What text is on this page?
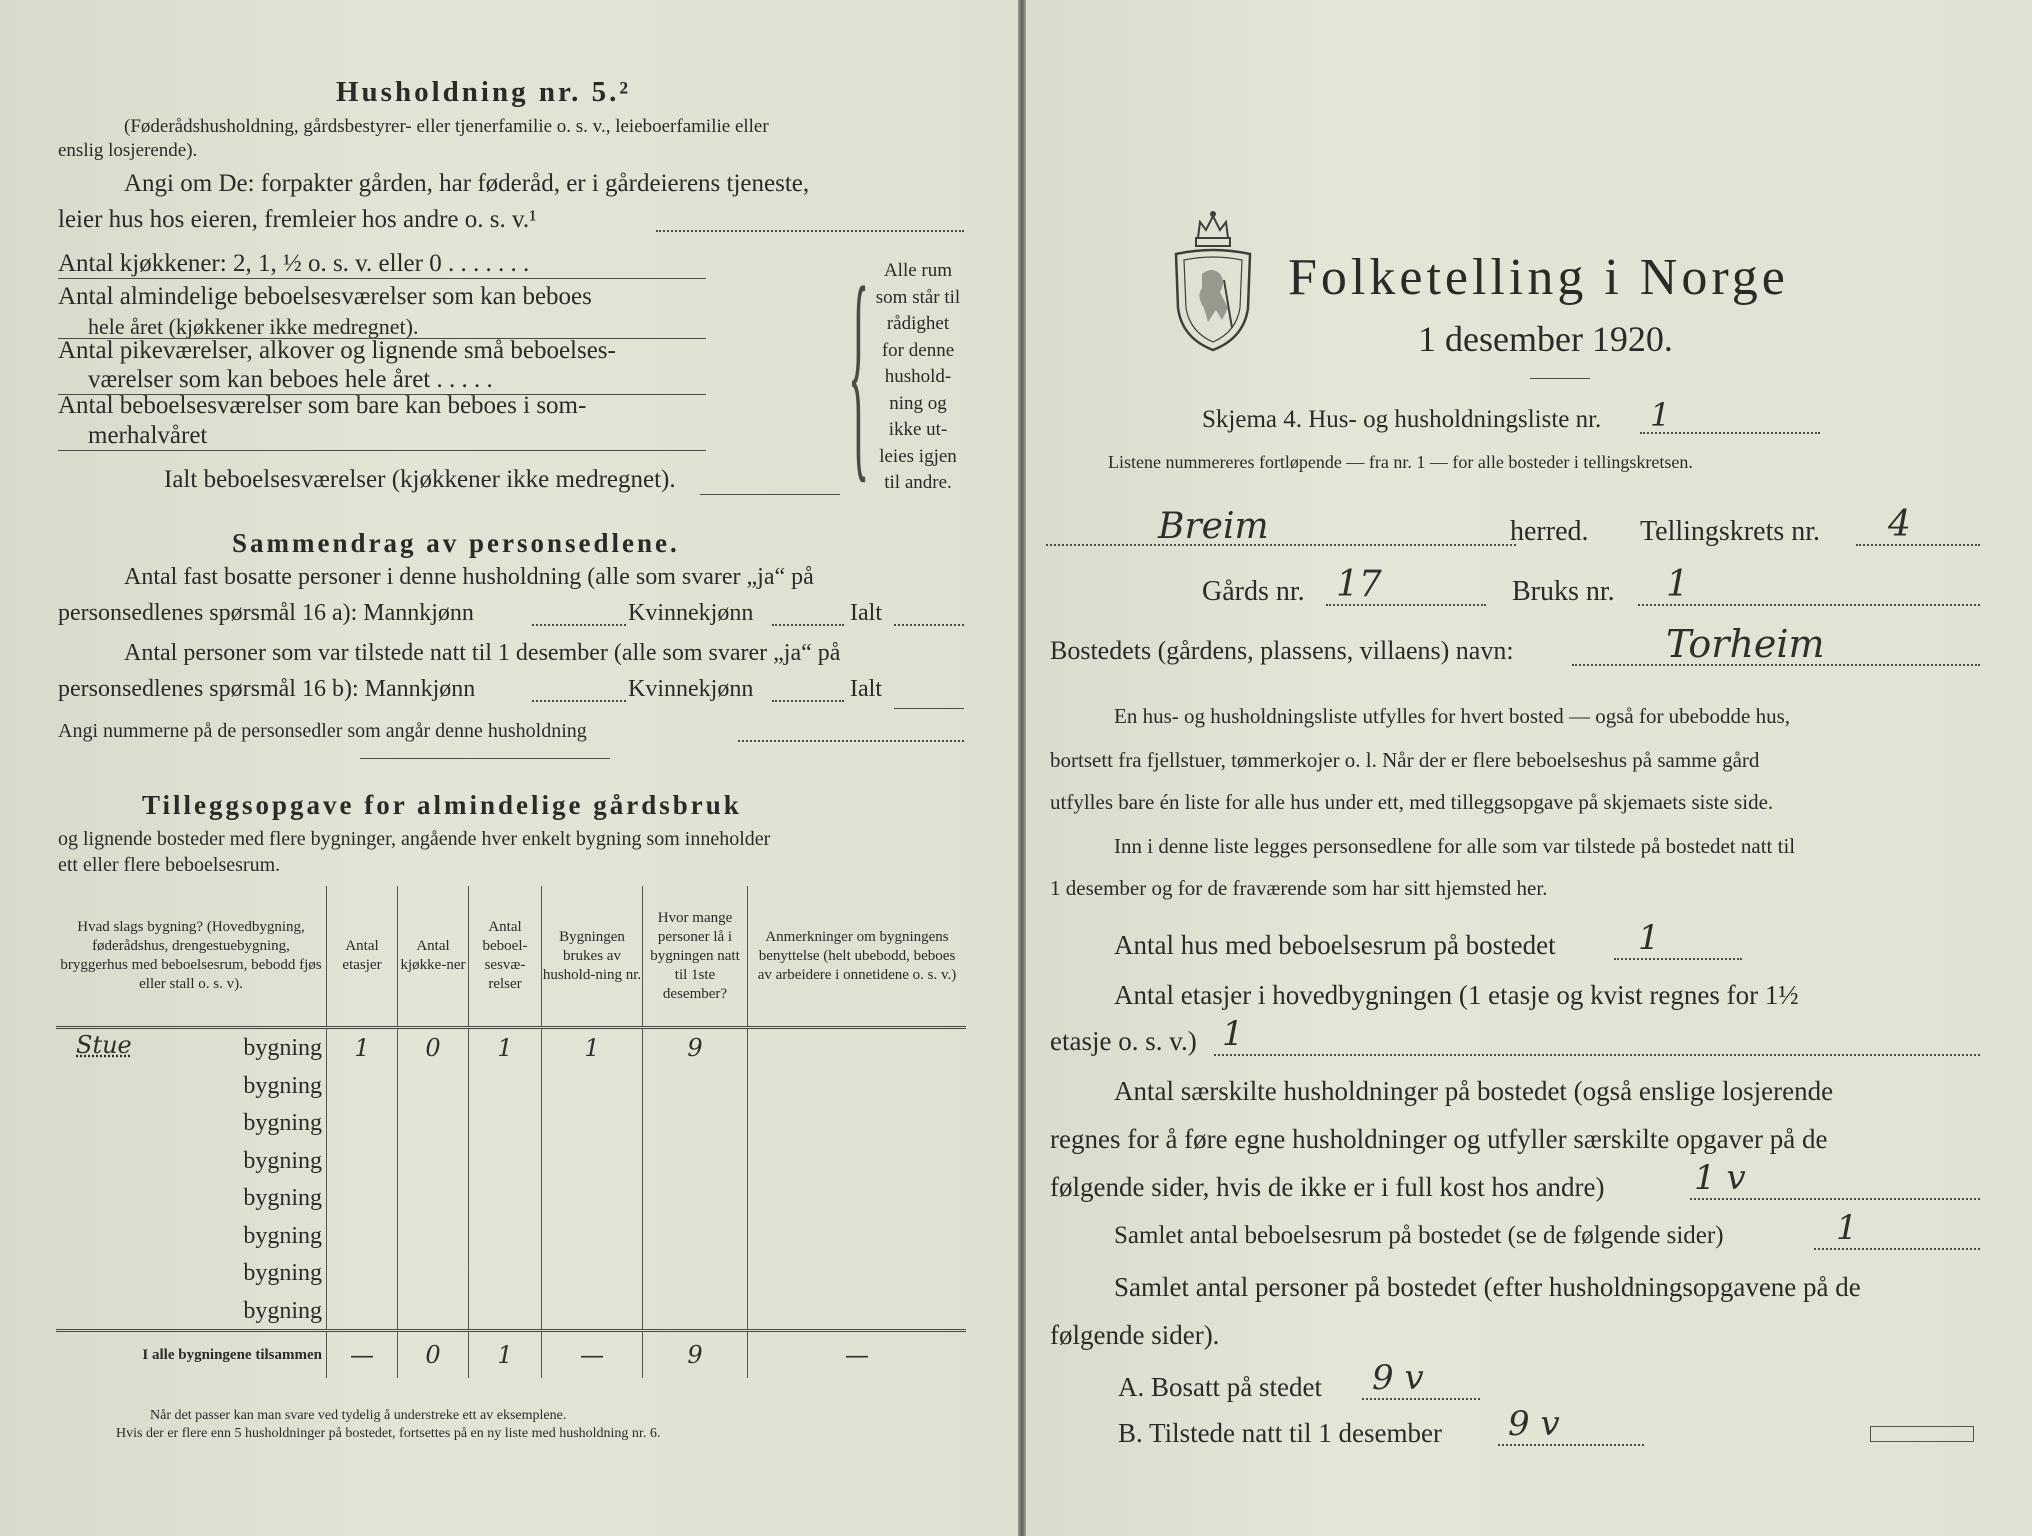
Husholdning nr. 5.²
(Føderådshusholdning, gårdsbestyrer- eller tjenerfamilie o. s. v., leieboerfamilie eller
enslig losjerende).
Angi om De: forpakter gården, har føderåd, er i gårdeierens tjeneste,
leier hus hos eieren, fremleier hos andre o. s. v.¹
Antal kjøkkener: 2, 1, ½ o. s. v. eller 0 . . . . . . .
Antal almindelige beboelsesværelser som kan beboes
hele året (kjøkkener ikke medregnet).
Antal pikeværelser, alkover og lignende små beboelses-
værelser som kan beboes hele året . . . . .
Antal beboelsesværelser som bare kan beboes i som-
merhalvåret
Ialt beboelsesværelser (kjøkkener ikke medregnet).	{ Alle rum
som står til
rådighet
for denne
hushold-
ning og
ikke ut-
leies igjen
til andre.
Sammendrag av personsedlene.
Antal fast bosatte personer i denne husholdning (alle som svarer „ja“ på
personsedlenes spørsmål 16 a): Mannkjønn	Kvinnekjønn	Ialt
Antal personer som var tilstede natt til 1 desember (alle som svarer „ja“ på
personsedlenes spørsmål 16 b): Mannkjønn	Kvinnekjønn	Ialt
Angi nummerne på de personsedler som angår denne husholdning
Tilleggsopgave for almindelige gårdsbruk
og lignende bosteder med flere bygninger, angående hver enkelt bygning som inneholder
ett eller flere beboelsesrum.
Hvad slags bygning? (Hovedbygning, føderådshus, drengestuebygning, bryggerhus med beboelsesrum, bebodd fjøs eller stall o. s. v).	Antal etasjer	Antal kjøkke-ner	Antal beboel-sesvæ-relser	Bygningen brukes av hushold-ning nr.	Hvor mange personer lå i bygningen natt til 1ste desember?	Anmerkninger om bygningens benyttelse (helt ubebodd, beboes av arbeidere i onnetidene o. s. v.)

Stue bygning	1	0	1	1	9	

bygning						

bygning						

bygning						

bygning						

bygning						

bygning						

bygning						

I alle bygningene tilsammen	—	0	1	—	9	—
Når det passer kan man svare ved tydelig å understreke ett av eksemplene.
Hvis der er flere enn 5 husholdninger på bostedet, fortsettes på en ny liste med husholdning nr. 6.
Folketelling i Norge
1 desember 1920.
Skjema 4. Hus- og husholdningsliste nr. 1
Listene nummereres fortløpende — fra nr. 1 — for alle bosteder i tellingskretsen.
Breim	herred. Tellingskrets nr. 4
Gårds nr. 17	Bruks nr. 1
Bostedets (gårdens, plassens, villaens) navn:	Torheim
En hus- og husholdningsliste utfylles for hvert bosted — også for ubebodde hus,
bortsett fra fjellstuer, tømmerkojer o. l. Når der er flere beboelseshus på samme gård
utfylles bare én liste for alle hus under ett, med tilleggsopgave på skjemaets siste side.
Inn i denne liste legges personsedlene for alle som var tilstede på bostedet natt til
1 desember og for de fraværende som har sitt hjemsted her.
Antal hus med beboelsesrum på bostedet 1
Antal etasjer i hovedbygningen (1 etasje og kvist regnes for 1½
etasje o. s. v.) 1
Antal særskilte husholdninger på bostedet (også enslige losjerende
regnes for å føre egne husholdninger og utfyller særskilte opgaver på de
følgende sider, hvis de ikke er i full kost hos andre)	1 v
Samlet antal beboelsesrum på bostedet (se de følgende sider)	1
Samlet antal personer på bostedet (efter husholdningsopgavene på de
følgende sider).
A. Bosatt på stedet 9 v
B. Tilstede natt til 1 desember 9 v
